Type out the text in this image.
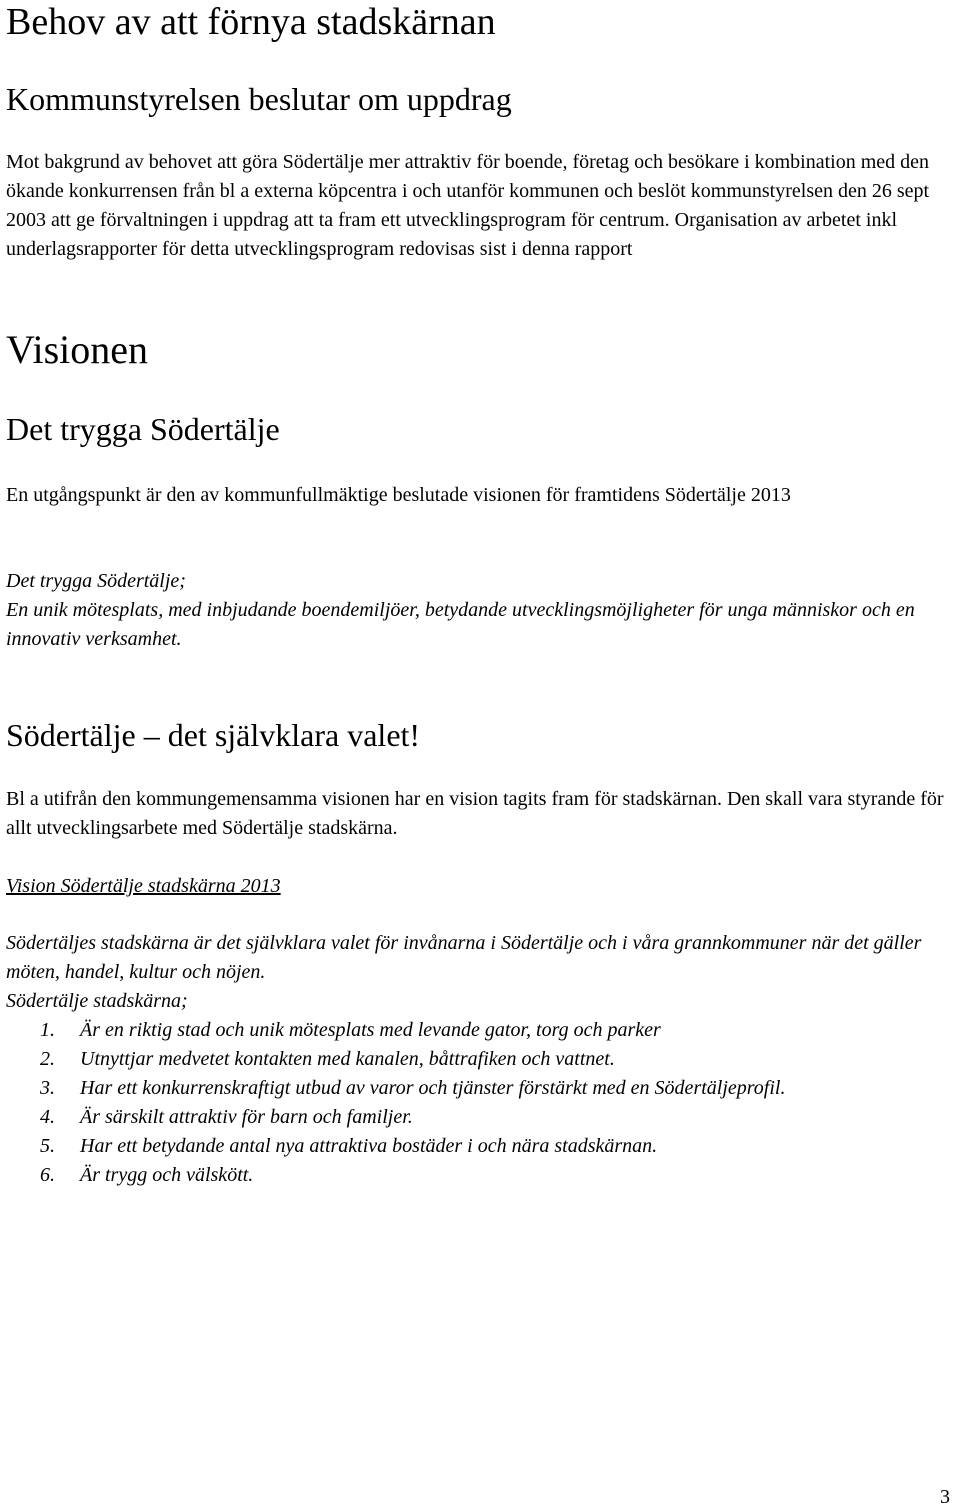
Behov av att förnya stadskärnan
Kommunstyrelsen beslutar om uppdrag

Mot bakgrund av behovet att göra Södertälje mer attraktiv för boende, företag och besökare i kombination med den ökande konkurrensen från bl a externa köpcentra i och utanför kommunen och beslöt kommunstyrelsen den 26 sept 2003 att ge förvaltningen i uppdrag att ta fram ett utvecklingsprogram för centrum. Organisation av arbetet inkl underlagsrapporter för detta utvecklingsprogram redovisas sist i denna rapport

Visionen
Det trygga Södertälje

En utgångspunkt är den av kommunfullmäktige beslutade visionen för framtidens Södertälje 2013

Det trygga Södertälje;
En unik mötesplats, med inbjudande boendemiljöer, betydande utvecklingsmöjligheter för unga människor och en innovativ verksamhet.

Södertälje – det självklara valet!

Bl a utifrån den kommungemensamma visionen har en vision tagits fram för stadskärnan. Den skall vara styrande för allt utvecklingsarbete med Södertälje stadskärna.

Vision Södertälje stadskärna 2013

Södertäljes stadskärna är det självklara valet för invånarna i Södertälje och i våra grannkommuner när det gäller möten, handel, kultur och nöjen.

Södertälje stadskärna;
1. Är en riktig stad och unik mötesplats med levande gator, torg och parker
2. Utnyttjar medvetet kontakten med kanalen, båttrafiken och vattnet.
3. Har ett konkurrenskraftigt utbud av varor och tjänster förstärkt med en Södertäljeprofil.
4. Är särskilt attraktiv för barn och familjer.
5. Har ett betydande antal nya attraktiva bostäder i och nära stadskärnan.
6. Är trygg och välskött.
3
